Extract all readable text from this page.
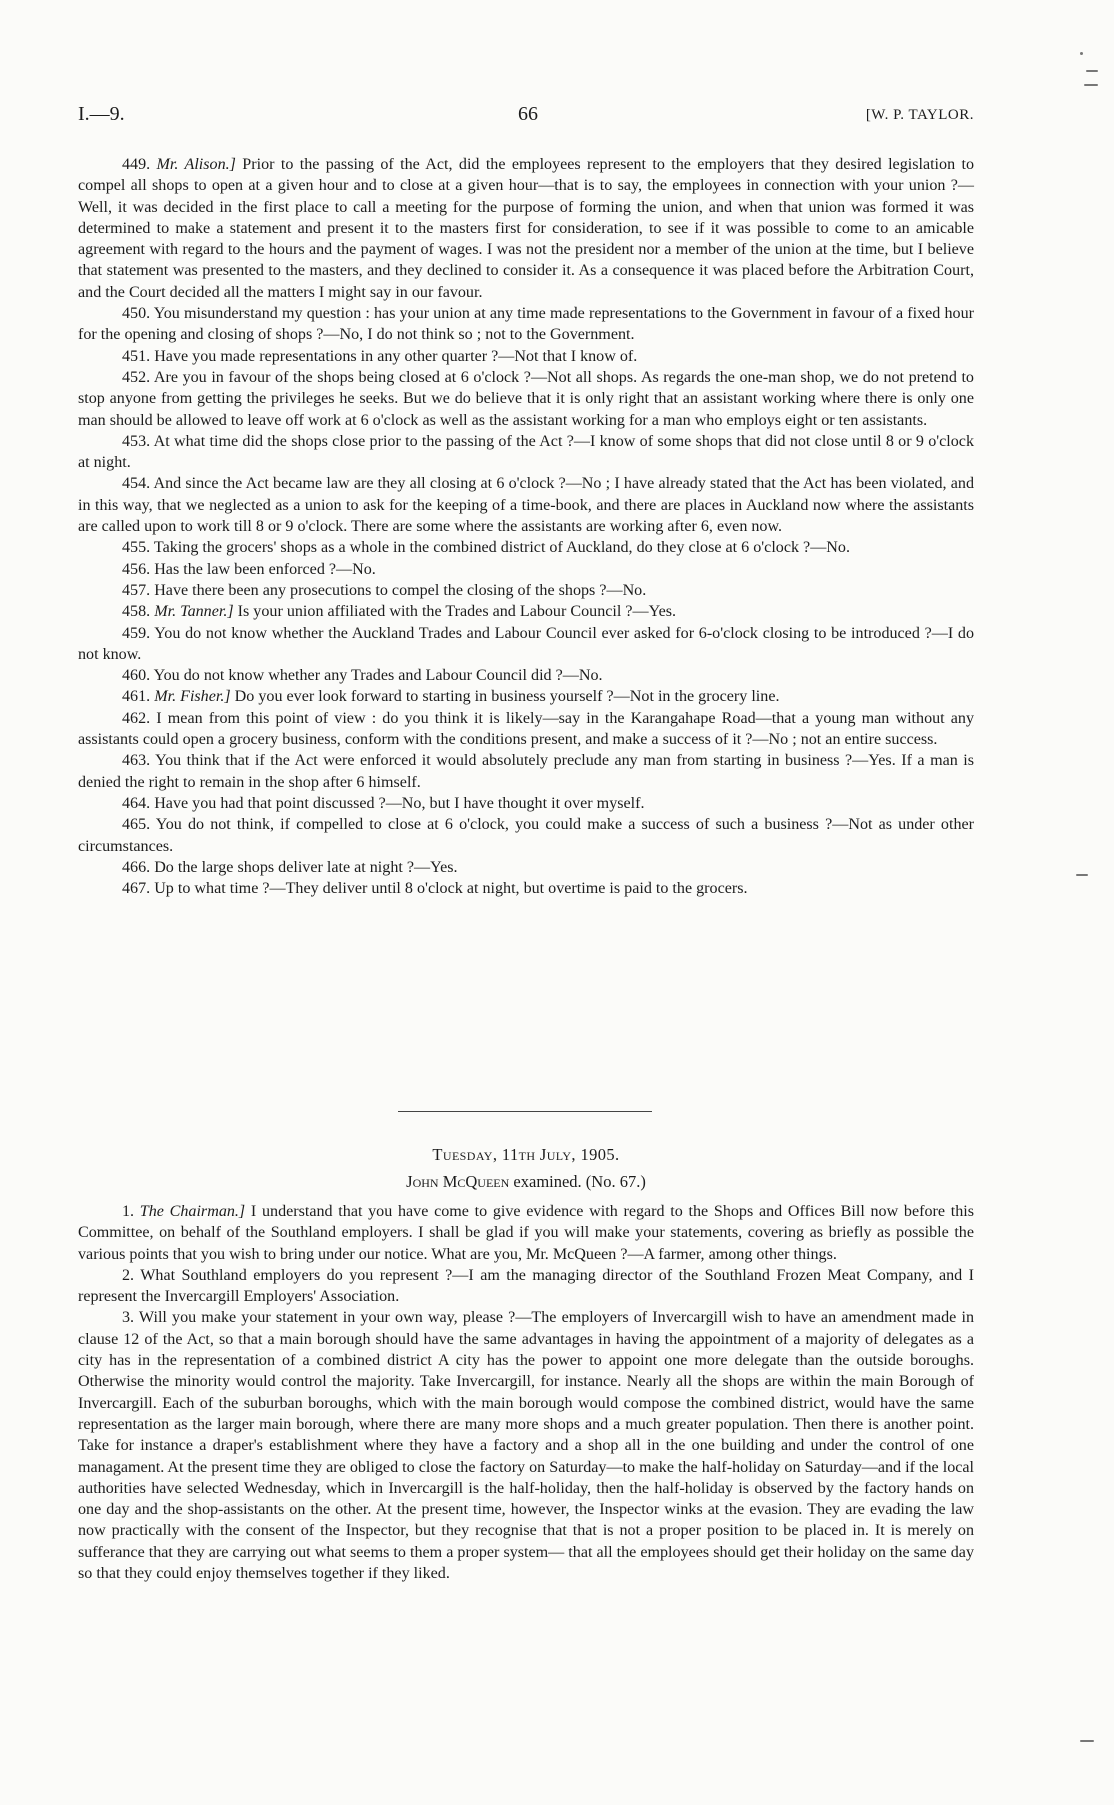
I.—9.	66	[W. P. TAYLOR.

449. Mr. Alison.] Prior to the passing of the Act, did the employees represent to the employers that they desired legislation to compel all shops to open at a given hour and to close at a given hour—that is to say, the employees in connection with your union ?—Well, it was decided in the first place to call a meeting for the purpose of forming the union, and when that union was formed it was determined to make a statement and present it to the masters first for consideration, to see if it was possible to come to an amicable agreement with regard to the hours and the payment of wages. I was not the president nor a member of the union at the time, but I believe that statement was presented to the masters, and they declined to consider it. As a consequence it was placed before the Arbitration Court, and the Court decided all the matters I might say in our favour.

450. You misunderstand my question : has your union at any time made representations to the Government in favour of a fixed hour for the opening and closing of shops ?—No, I do not think so ; not to the Government.

451. Have you made representations in any other quarter ?—Not that I know of.

452. Are you in favour of the shops being closed at 6 o'clock ?—Not all shops. As regards the one-man shop, we do not pretend to stop anyone from getting the privileges he seeks. But we do believe that it is only right that an assistant working where there is only one man should be allowed to leave off work at 6 o'clock as well as the assistant working for a man who employs eight or ten assistants.

453. At what time did the shops close prior to the passing of the Act ?—I know of some shops that did not close until 8 or 9 o'clock at night.

454. And since the Act became law are they all closing at 6 o'clock ?—No ; I have already stated that the Act has been violated, and in this way, that we neglected as a union to ask for the keeping of a time-book, and there are places in Auckland now where the assistants are called upon to work till 8 or 9 o'clock. There are some where the assistants are working after 6, even now.

455. Taking the grocers' shops as a whole in the combined district of Auckland, do they close at 6 o'clock ?—No.

456. Has the law been enforced ?—No.

457. Have there been any prosecutions to compel the closing of the shops ?—No.

458. Mr. Tanner.] Is your union affiliated with the Trades and Labour Council ?—Yes.

459. You do not know whether the Auckland Trades and Labour Council ever asked for 6-o'clock closing to be introduced ?—I do not know.

460. You do not know whether any Trades and Labour Council did ?—No.

461. Mr. Fisher.] Do you ever look forward to starting in business yourself ?—Not in the grocery line.

462. I mean from this point of view : do you think it is likely—say in the Karangahape Road—that a young man without any assistants could open a grocery business, conform with the conditions present, and make a success of it ?—No ; not an entire success.

463. You think that if the Act were enforced it would absolutely preclude any man from starting in business ?—Yes. If a man is denied the right to remain in the shop after 6 himself.

464. Have you had that point discussed ?—No, but I have thought it over myself.

465. You do not think, if compelled to close at 6 o'clock, you could make a success of such a business ?—Not as under other circumstances.

466. Do the large shops deliver late at night ?—Yes.

467. Up to what time ?—They deliver until 8 o'clock at night, but overtime is paid to the grocers.

Tuesday, 11th July, 1905.
John McQueen examined. (No. 67.)

1. The Chairman.] I understand that you have come to give evidence with regard to the Shops and Offices Bill now before this Committee, on behalf of the Southland employers. I shall be glad if you will make your statements, covering as briefly as possible the various points that you wish to bring under our notice. What are you, Mr. McQueen ?—A farmer, among other things.

2. What Southland employers do you represent ?—I am the managing director of the Southland Frozen Meat Company, and I represent the Invercargill Employers' Association.

3. Will you make your statement in your own way, please ?—The employers of Invercargill wish to have an amendment made in clause 12 of the Act, so that a main borough should have the same advantages in having the appointment of a majority of delegates as a city has in the representation of a combined district A city has the power to appoint one more delegate than the outside boroughs. Otherwise the minority would control the majority. Take Invercargill, for instance. Nearly all the shops are within the main Borough of Invercargill. Each of the suburban boroughs, which with the main borough would compose the combined district, would have the same representation as the larger main borough, where there are many more shops and a much greater population. Then there is another point. Take for instance a draper's establishment where they have a factory and a shop all in the one building and under the control of one managament. At the present time they are obliged to close the factory on Saturday—to make the half-holiday on Saturday—and if the local authorities have selected Wednesday, which in Invercargill is the half-holiday, then the half-holiday is observed by the factory hands on one day and the shop-assistants on the other. At the present time, however, the Inspector winks at the evasion. They are evading the law now practically with the consent of the Inspector, but they recognise that that is not a proper position to be placed in. It is merely on sufferance that they are carrying out what seems to them a proper system— that all the employees should get their holiday on the same day so that they could enjoy themselves together if they liked.
